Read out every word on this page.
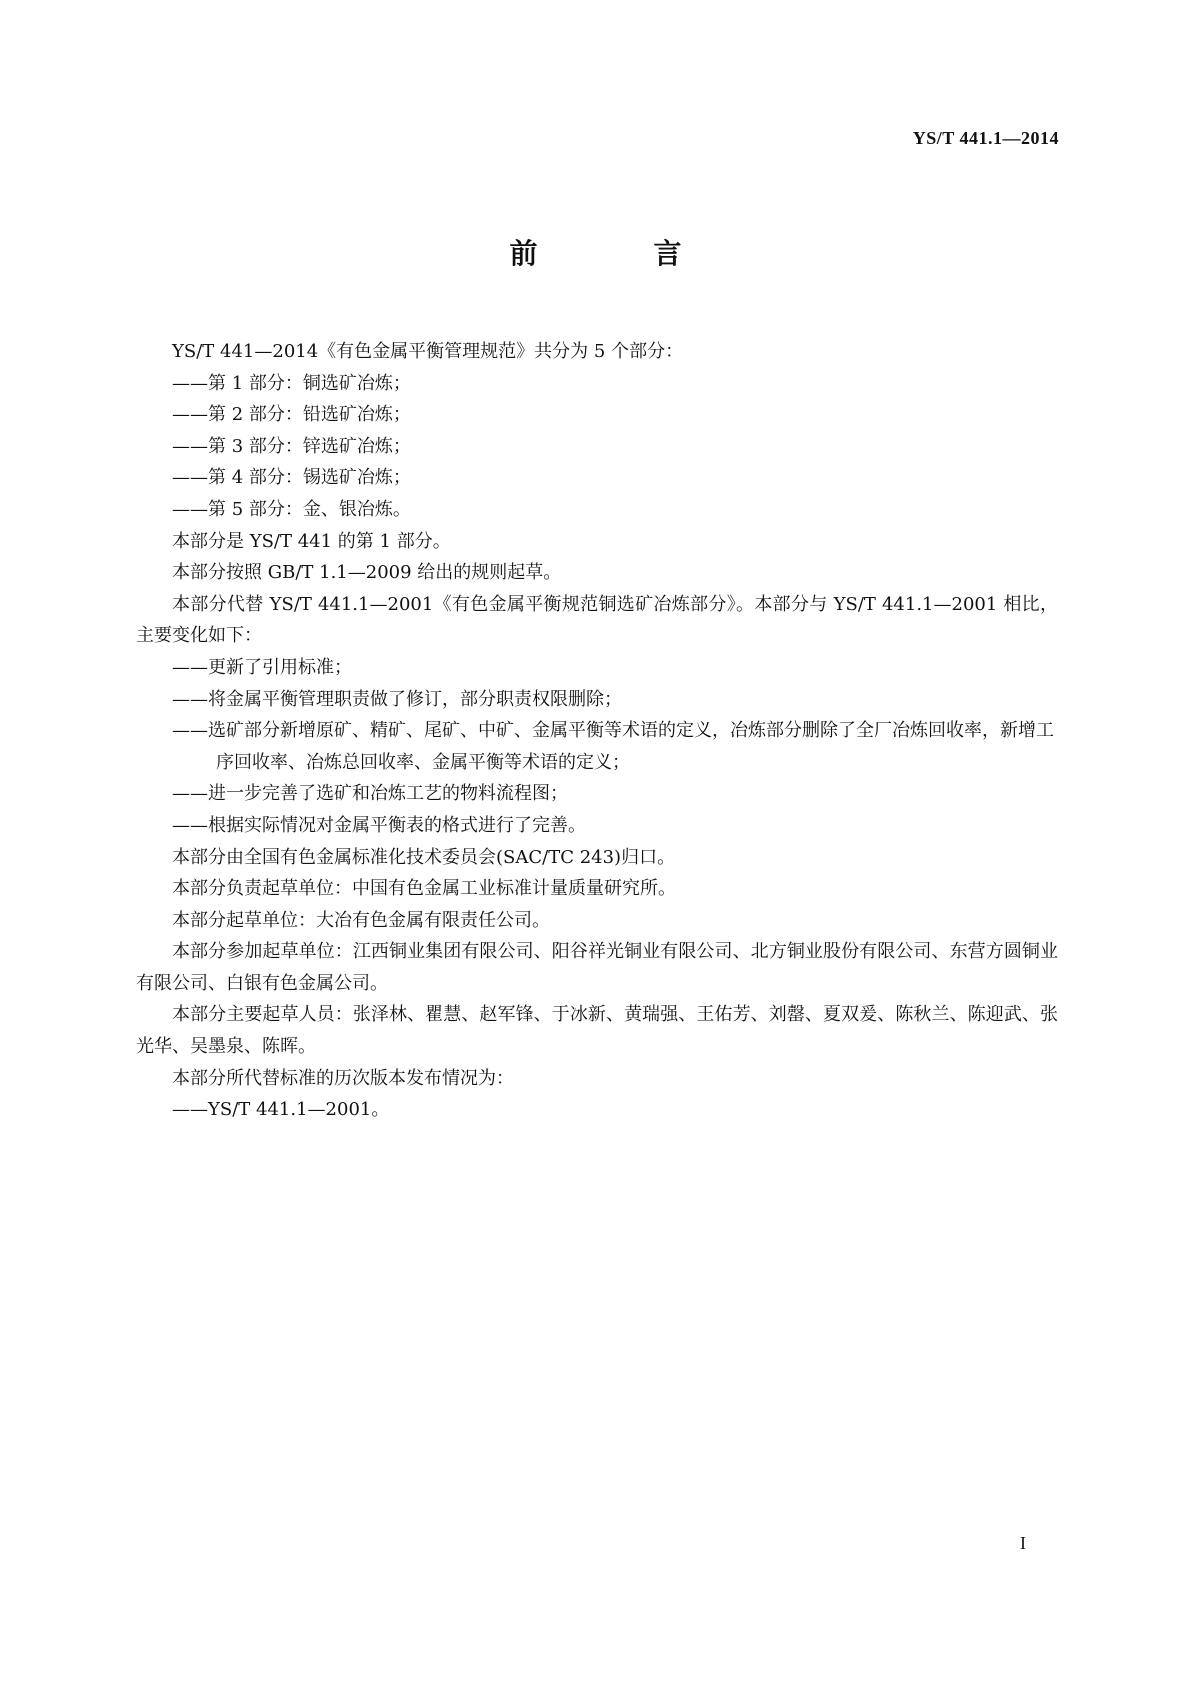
YS/T 441.1—2014
前　言

YS/T 441—2014《有色金属平衡管理规范》共分为 5 个部分：

——第 1 部分：铜选矿冶炼；

——第 2 部分：铅选矿冶炼；

——第 3 部分：锌选矿冶炼；

——第 4 部分：锡选矿冶炼；

——第 5 部分：金、银冶炼。

本部分是 YS/T 441 的第 1 部分。

本部分按照 GB/T 1.1—2009 给出的规则起草。

本部分代替 YS/T 441.1—2001《有色金属平衡规范铜选矿冶炼部分》。本部分与 YS/T 441.1—2001 相比，主要变化如下：

——更新了引用标准；

——将金属平衡管理职责做了修订，部分职责权限删除；

——选矿部分新增原矿、精矿、尾矿、中矿、金属平衡等术语的定义，冶炼部分删除了全厂冶炼回收率，新增工序回收率、冶炼总回收率、金属平衡等术语的定义；

——进一步完善了选矿和冶炼工艺的物料流程图；

——根据实际情况对金属平衡表的格式进行了完善。

本部分由全国有色金属标准化技术委员会(SAC/TC 243)归口。

本部分负责起草单位：中国有色金属工业标准计量质量研究所。

本部分起草单位：大冶有色金属有限责任公司。

本部分参加起草单位：江西铜业集团有限公司、阳谷祥光铜业有限公司、北方铜业股份有限公司、东营方圆铜业有限公司、白银有色金属公司。

本部分主要起草人员：张泽林、瞿慧、赵军锋、于冰新、黄瑞强、王佑芳、刘罄、夏双爰、陈秋兰、陈迎武、张光华、吴墨泉、陈晖。

本部分所代替标准的历次版本发布情况为：

——YS/T 441.1—2001。

I
